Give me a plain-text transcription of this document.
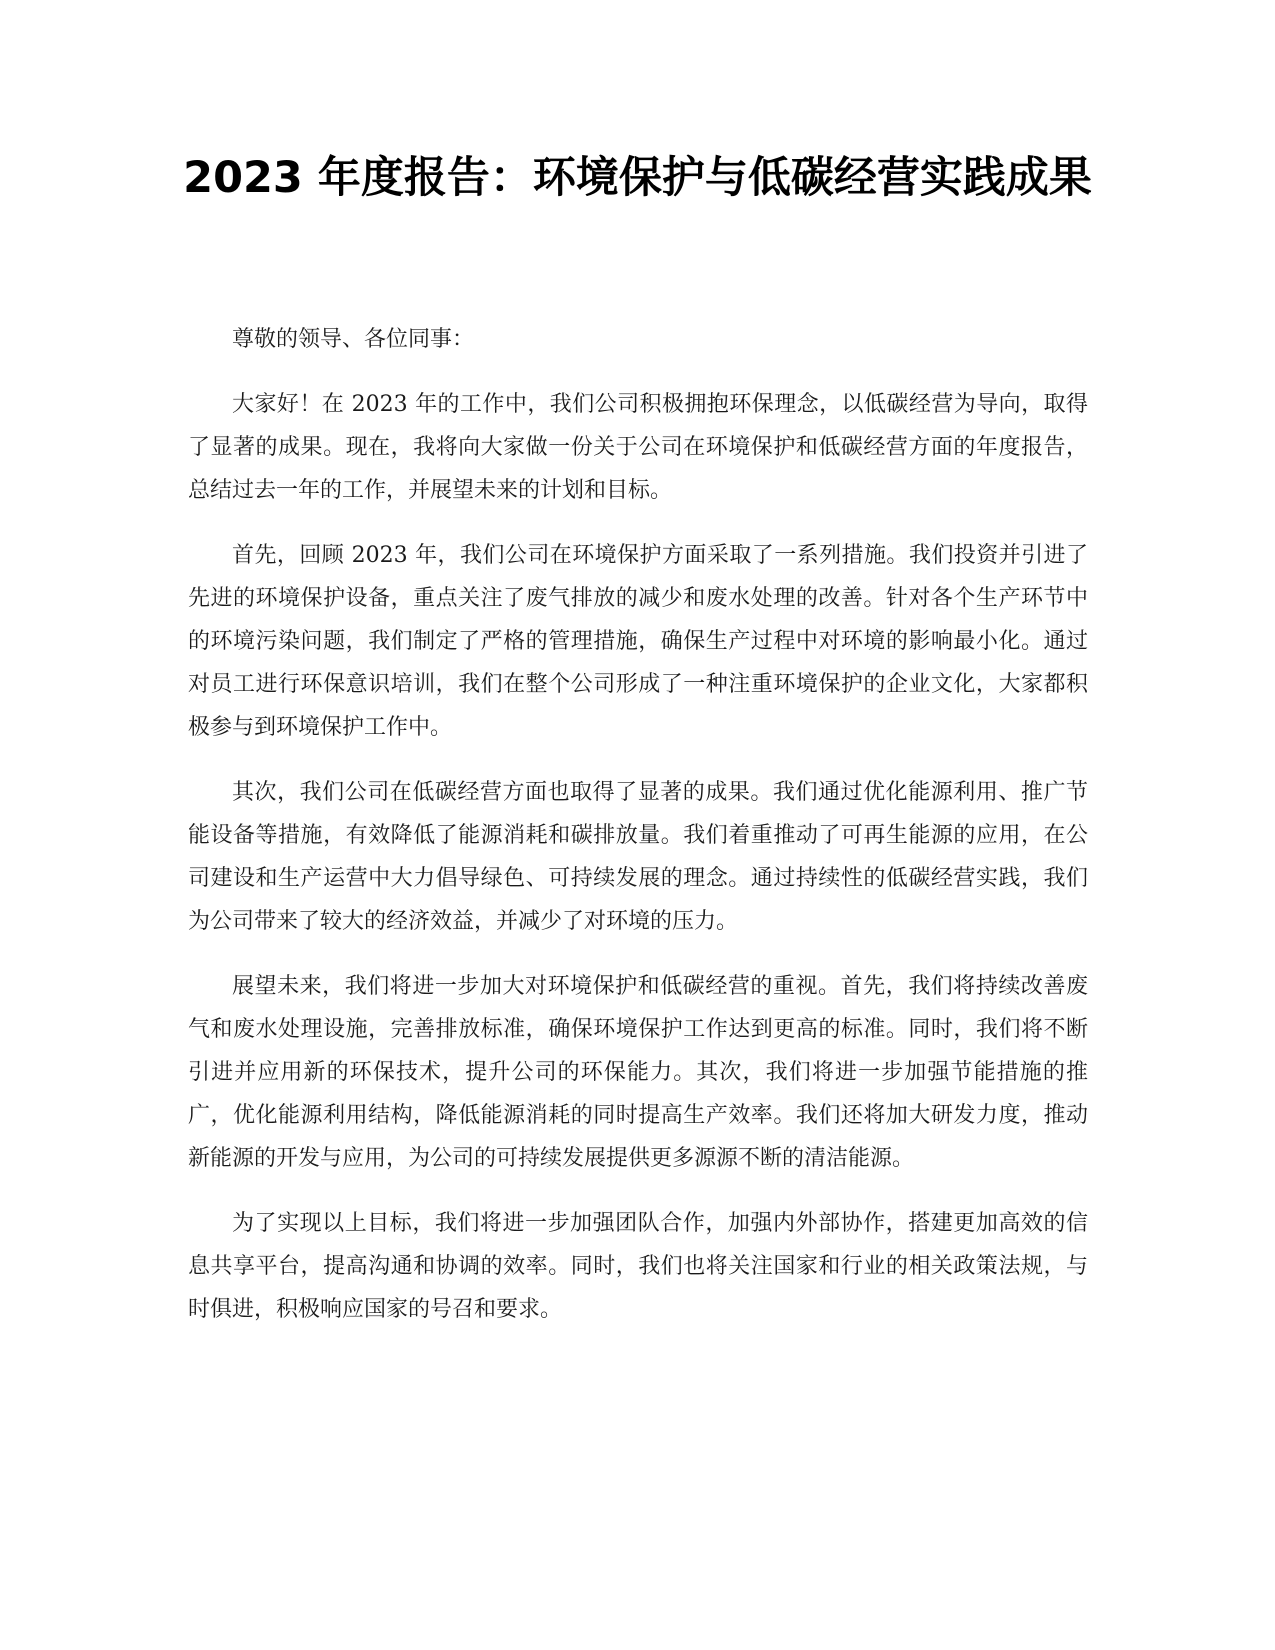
2023 年度报告：环境保护与低碳经营实践成果

尊敬的领导、各位同事：

大家好！在 2023 年的工作中，我们公司积极拥抱环保理念，以低碳经营为导向，取得了显著的成果。现在，我将向大家做一份关于公司在环境保护和低碳经营方面的年度报告，总结过去一年的工作，并展望未来的计划和目标。

首先，回顾 2023 年，我们公司在环境保护方面采取了一系列措施。我们投资并引进了先进的环境保护设备，重点关注了废气排放的减少和废水处理的改善。针对各个生产环节中的环境污染问题，我们制定了严格的管理措施，确保生产过程中对环境的影响最小化。通过对员工进行环保意识培训，我们在整个公司形成了一种注重环境保护的企业文化，大家都积极参与到环境保护工作中。

其次，我们公司在低碳经营方面也取得了显著的成果。我们通过优化能源利用、推广节能设备等措施，有效降低了能源消耗和碳排放量。我们着重推动了可再生能源的应用，在公司建设和生产运营中大力倡导绿色、可持续发展的理念。通过持续性的低碳经营实践，我们为公司带来了较大的经济效益，并减少了对环境的压力。

展望未来，我们将进一步加大对环境保护和低碳经营的重视。首先，我们将持续改善废气和废水处理设施，完善排放标准，确保环境保护工作达到更高的标准。同时，我们将不断引进并应用新的环保技术，提升公司的环保能力。其次，我们将进一步加强节能措施的推广，优化能源利用结构，降低能源消耗的同时提高生产效率。我们还将加大研发力度，推动新能源的开发与应用，为公司的可持续发展提供更多源源不断的清洁能源。

为了实现以上目标，我们将进一步加强团队合作，加强内外部协作，搭建更加高效的信息共享平台，提高沟通和协调的效率。同时，我们也将关注国家和行业的相关政策法规，与时俱进，积极响应国家的号召和要求。
